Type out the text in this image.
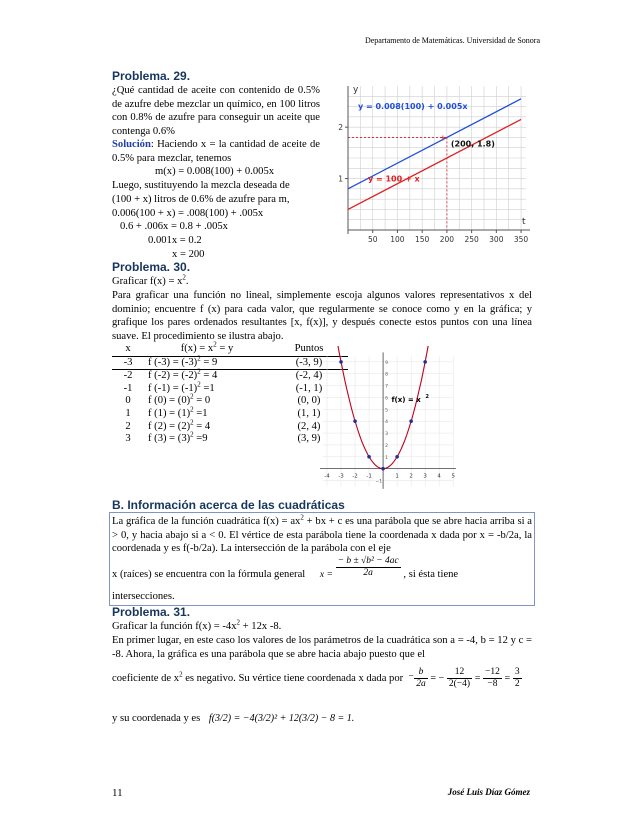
Departamento de Matemáticas. Universidad de Sonora
Problema. 29.
¿Qué cantidad de aceite con contenido de 0.5% de azufre debe mezclar un químico, en 100 litros con 0.8% de azufre para conseguir un aceite que contenga 0.6%
Solución: Haciendo x = la cantidad de aceite de 0.5% para mezclar, tenemos
m(x) = 0.008(100) + 0.005x
Luego, sustituyendo la mezcla deseada de
(100 + x) litros de 0.6% de azufre para m,
0.006(100 + x) = .008(100) + .005x
0.6 + .006x = 0.8 + .005x
0.001x = 0.2
x = 200
y
t
50 100 150 200 250 300 350
1
2
y = 0.008(100) + 0.005x
y = 100 + x
+ (200, 1.8)
Problema. 30.
Graficar $f(x) = x^2$.
Para graficar una función no lineal, simplemente escoja algunos valores representativos x del dominio; encuentre f (x) para cada valor, que regularmente se conoce como y en la gráfica; y grafique los pares ordenados resultantes [x, f(x)], y después conecte estos puntos con una línea suave. El procedimiento se ilustra abajo.
x	$f(x) = x^2 = y$	Puntos
-3	f $(-3) = (-3)^2 = 9$	(-3, 9)
-2	f $(-2) = (-2)^2 = 4$	(-2, 4)
-1	f $(-1) = (-1)^2 =1$	(-1, 1)
0	f $(0) = (0)^2 = 0$	(0, 0)
1	f $(1) = (1)^2 =1$	(1, 1)
2	f $(2) = (2)^2 = 4$	(2, 4)
3	f $(3) = (3)^2 =9$	(3, 9)
-4 -3 -2 -1	1 2 3 4 5
1
2
3
4
5
6
7
8
9
−1
f(x) = x 2
B. Información acerca de las cuadráticas
La gráfica de la función cuadrática $f(x) = ax^2$ + bx + c es una parábola que se abre hacia arriba si a > 0, y hacia abajo si a < 0. El vértice de esta parábola tiene la coordenada x dada por x = -b/2a, la coordenada y es f(-b/2a). La intersección de la parábola con el eje
x (raíces) se encuentra con la fórmula general $x = \frac{\text{− b ± √b² − 4ac}}{2a}$ , si ésta tiene
intersecciones.
Problema. 31.
Graficar la función $f(x) = -4x^2 + 12x$ -8.
En primer lugar, en este caso los valores de los parámetros de la cuadrática son a = -4, b = 12 y c = -8. Ahora, la gráfica es una parábola que se abre hacia abajo puesto que el
coeficiente de $x^2$ es negativo. Su vértice tiene coordenada x dada por − $\frac{b}{2a}$ = − $\frac{12}{2(-4)} = \frac{-12}{-8} = \frac{3}{2}$
y su coordenada y es f(3/2) = −4(3/2)² + 12(3/2) − 8 = 1.
11	José Luis Díaz Gómez
